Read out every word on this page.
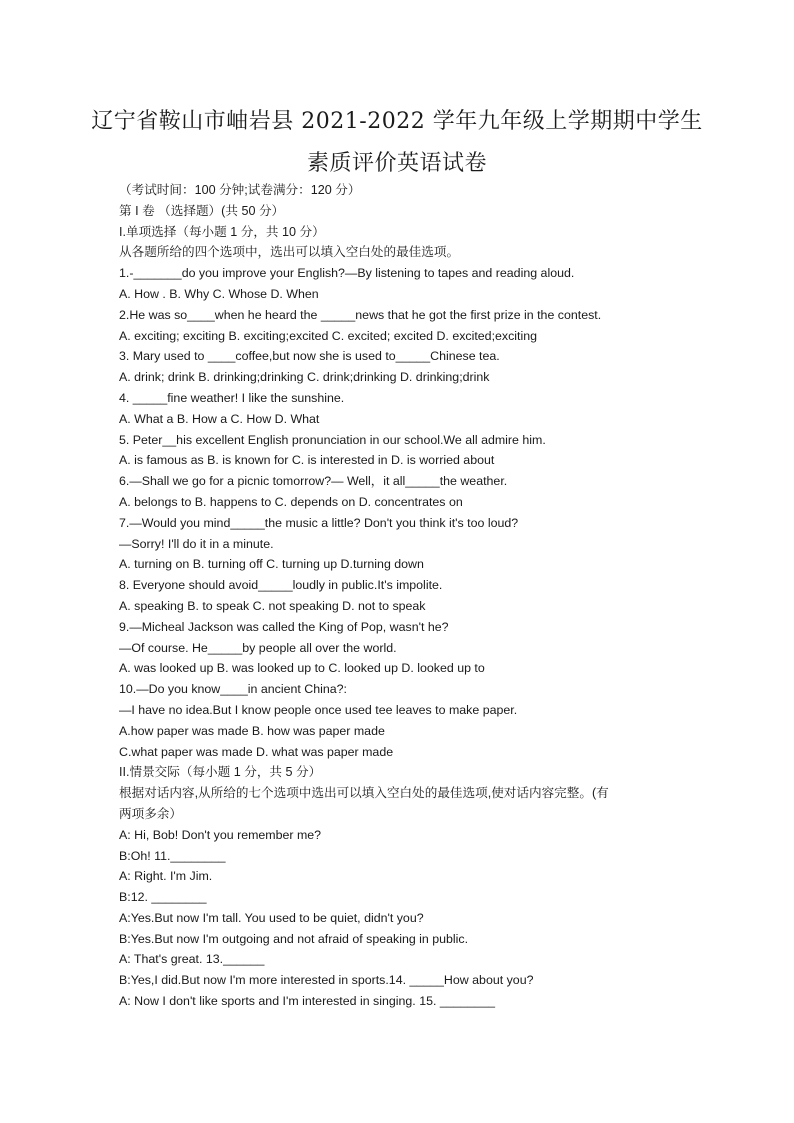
辽宁省鞍山市岫岩县 2021-2022 学年九年级上学期期中学生
素质评价英语试卷
（考试时间：100 分钟;试卷满分：120 分）
第 I 卷 （选择题）(共 50 分）
I.单项选择（每小题 1 分，共 10 分）
从各题所给的四个选项中，选出可以填入空白处的最佳选项。
1.-_______do you improve your English?—By listening to tapes and reading aloud.
A. How . B. Why C. Whose D. When
2.He was so____when he heard the _____news that he got the first prize in the contest.
A. exciting; exciting B. exciting;excited C. excited; excited D. excited;exciting
3. Mary used to ____coffee,but now she is used to_____Chinese tea.
A. drink; drink B. drinking;drinking C. drink;drinking D. drinking;drink
4. _____fine weather! I like the sunshine.
A. What a B. How a C. How D. What
5. Peter__his excellent English pronunciation in our school.We all admire him.
A. is famous as B. is known for C. is interested in D. is worried about
6.—Shall we go for a picnic tomorrow?— Well，it all_____the weather.
A. belongs to B. happens to C. depends on D. concentrates on
7.—Would you mind_____the music a little? Don't you think it's too loud?
—Sorry! I'll do it in a minute.
A. turning on B. turning off C. turning up D.turning down
8. Everyone should avoid_____loudly in public.It's impolite.
A. speaking B. to speak C. not speaking D. not to speak
9.—Micheal Jackson was called the King of Pop, wasn't he?
—Of course. He_____by people all over the world.
A. was looked up B. was looked up to C. looked up D. looked up to
10.—Do you know____in ancient China?:
—I have no idea.But I know people once used tee leaves to make paper.
A.how paper was made B. how was paper made
C.what paper was made D. what was paper made
II.情景交际（每小题 1 分，共 5 分）
根据对话内容,从所给的七个选项中选出可以填入空白处的最佳选项,使对话内容完整。(有
两项多余）
A: Hi, Bob! Don't you remember me?
B:Oh! 11.________
A: Right. I'm Jim.
B:12. ________
A:Yes.But now I'm tall. You used to be quiet, didn't you?
B:Yes.But now I'm outgoing and not afraid of speaking in public.
A: That's great. 13.______
B:Yes,I did.But now I'm more interested in sports.14. _____How about you?
A: Now I don't like sports and I'm interested in singing. 15. ________
